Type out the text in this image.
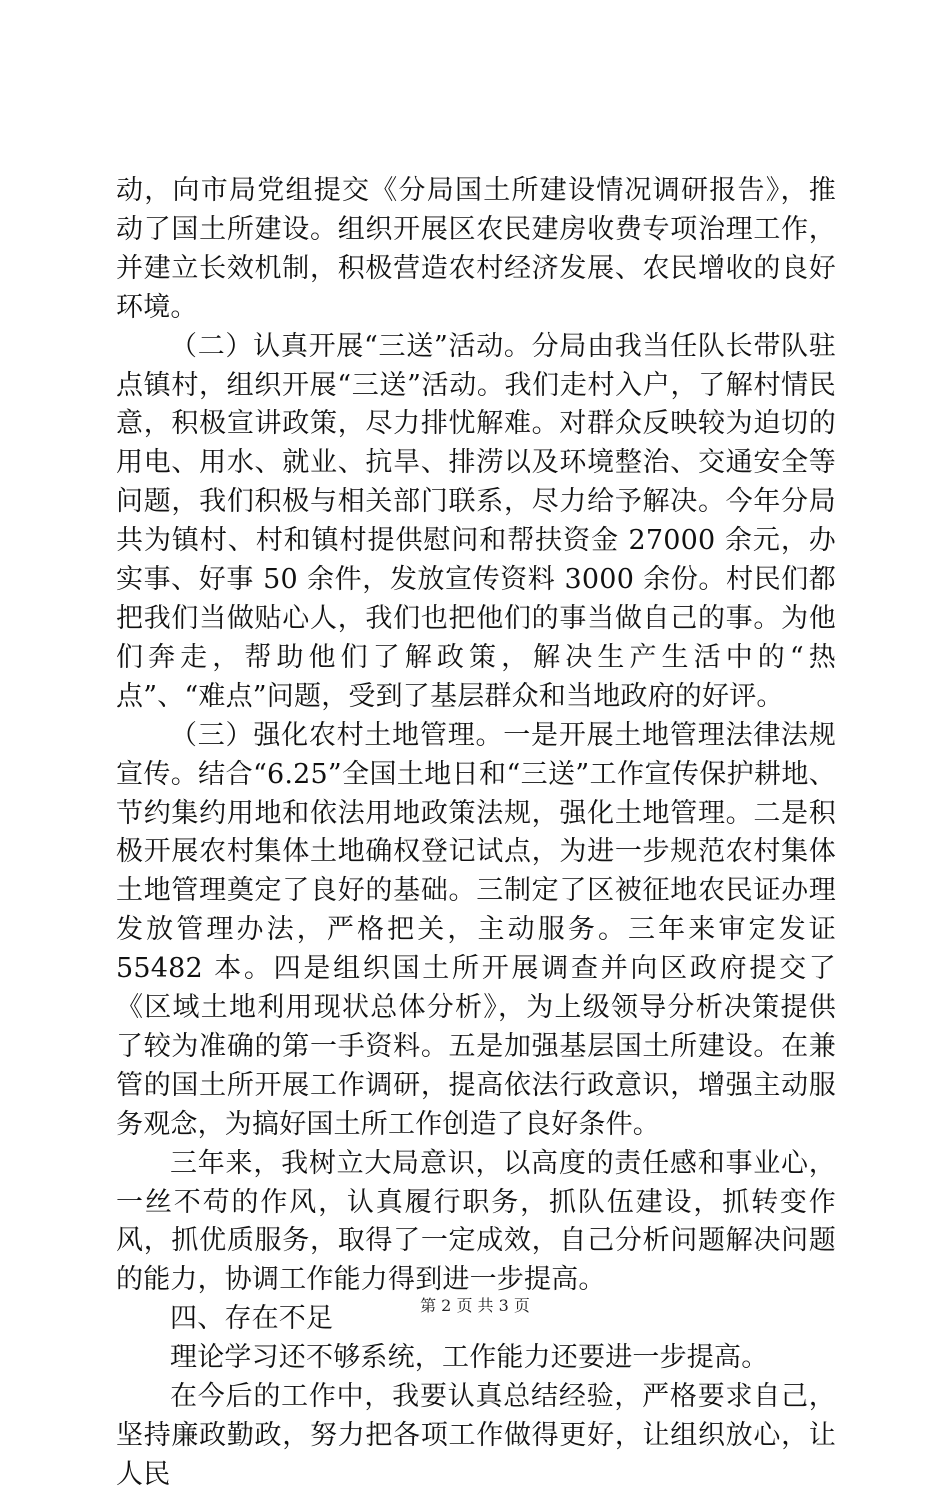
动，向市局党组提交《分局国土所建设情况调研报告》，推动了国土所建设。组织开展区农民建房收费专项治理工作，并建立长效机制，积极营造农村经济发展、农民增收的良好环境。

（二）认真开展“三送”活动。分局由我当任队长带队驻点镇村，组织开展“三送”活动。我们走村入户，了解村情民意，积极宣讲政策，尽力排忧解难。对群众反映较为迫切的用电、用水、就业、抗旱、排涝以及环境整治、交通安全等问题，我们积极与相关部门联系，尽力给予解决。今年分局共为镇村、村和镇村提供慰问和帮扶资金 27000 余元，办实事、好事 50 余件，发放宣传资料 3000 余份。村民们都把我们当做贴心人，我们也把他们的事当做自己的事。为他们奔走，帮助他们了解政策，解决生产生活中的“热点”、“难点”问题，受到了基层群众和当地政府的好评。

（三）强化农村土地管理。一是开展土地管理法律法规宣传。结合“6.25”全国土地日和“三送”工作宣传保护耕地、节约集约用地和依法用地政策法规，强化土地管理。二是积极开展农村集体土地确权登记试点，为进一步规范农村集体土地管理奠定了良好的基础。三制定了区被征地农民证办理发放管理办法，严格把关，主动服务。三年来审定发证 55482 本。四是组织国土所开展调查并向区政府提交了《区域土地利用现状总体分析》，为上级领导分析决策提供了较为准确的第一手资料。五是加强基层国土所建设。在兼管的国土所开展工作调研，提高依法行政意识，增强主动服务观念，为搞好国土所工作创造了良好条件。

三年来，我树立大局意识，以高度的责任感和事业心，一丝不苟的作风，认真履行职务，抓队伍建设，抓转变作风，抓优质服务，取得了一定成效，自己分析问题解决问题的能力，协调工作能力得到进一步提高。

四、存在不足

理论学习还不够系统，工作能力还要进一步提高。

在今后的工作中，我要认真总结经验，严格要求自己，坚持廉政勤政，努力把各项工作做得更好，让组织放心，让人民

第 2 页 共 3 页
